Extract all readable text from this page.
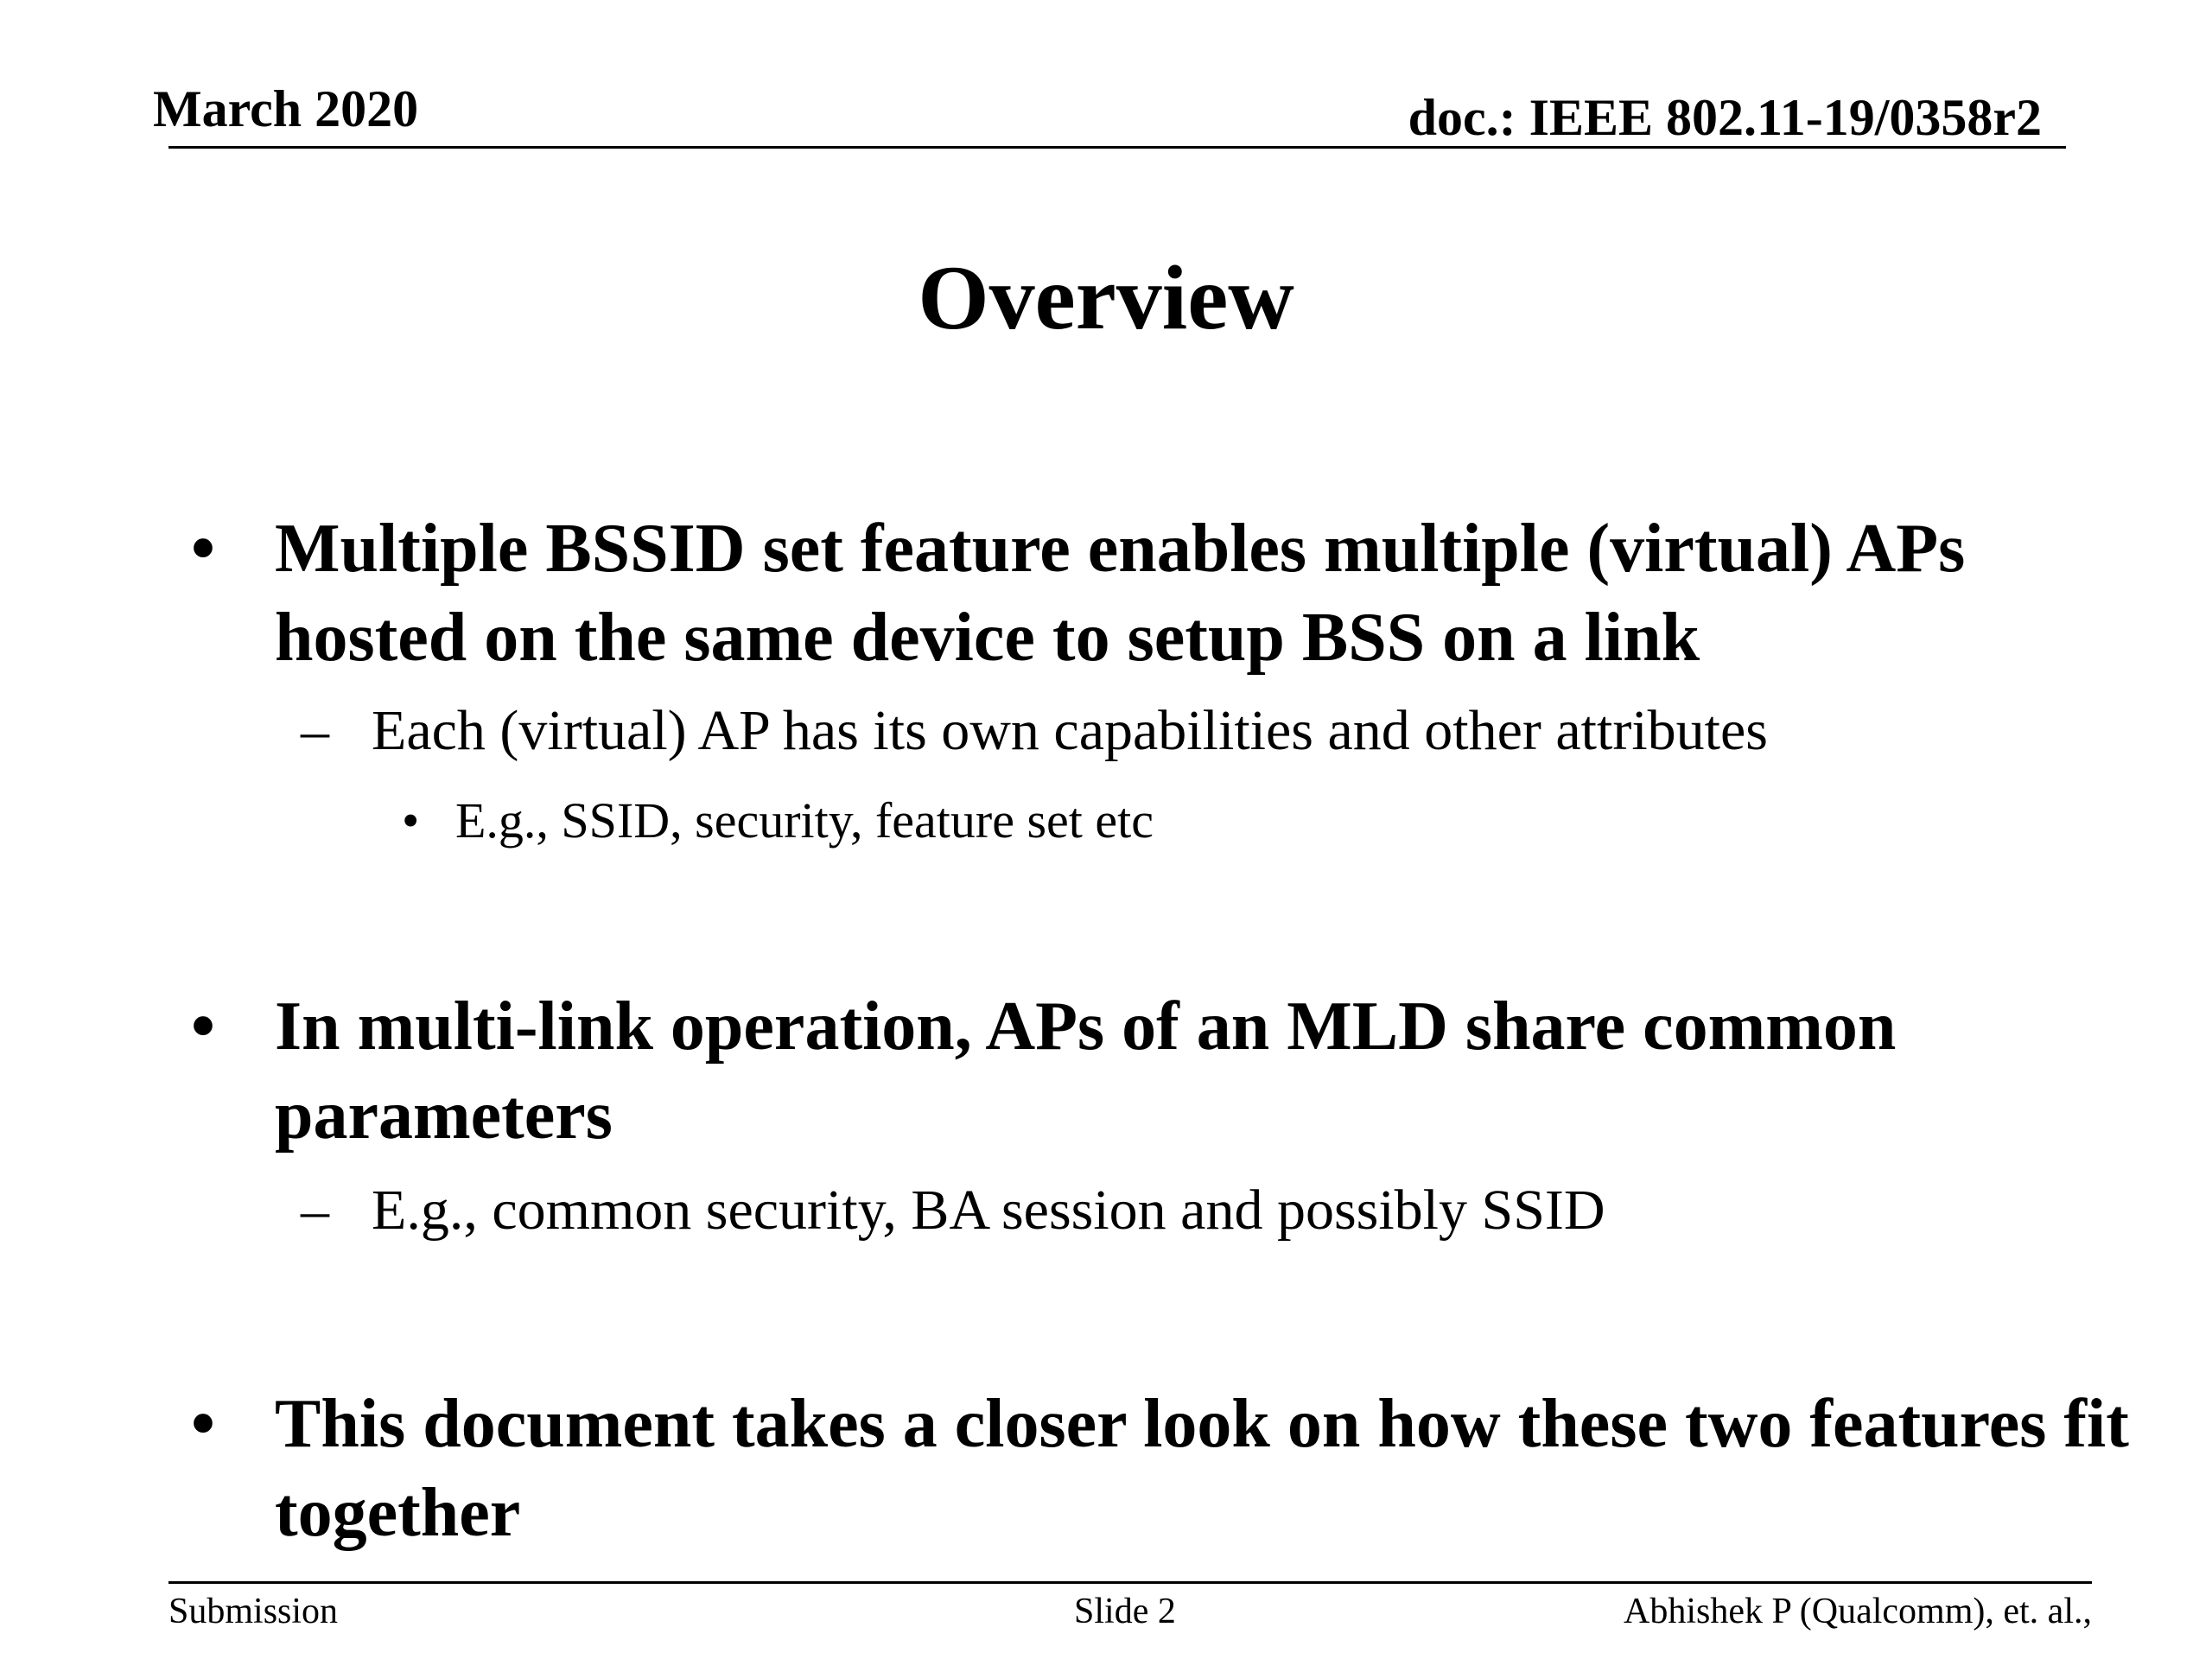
March 2020	doc.: IEEE 802.11-19/0358r2
Overview
• Multiple BSSID set feature enables multiple (virtual) APs hosted on the same device to setup BSS on a link
– Each (virtual) AP has its own capabilities and other attributes
• E.g., SSID, security, feature set etc
• In multi-link operation, APs of an MLD share common parameters
– E.g., common security, BA session and possibly SSID
• This document takes a closer look on how these two features fit together
Submission	Slide 2	Abhishek P (Qualcomm), et. al.,
